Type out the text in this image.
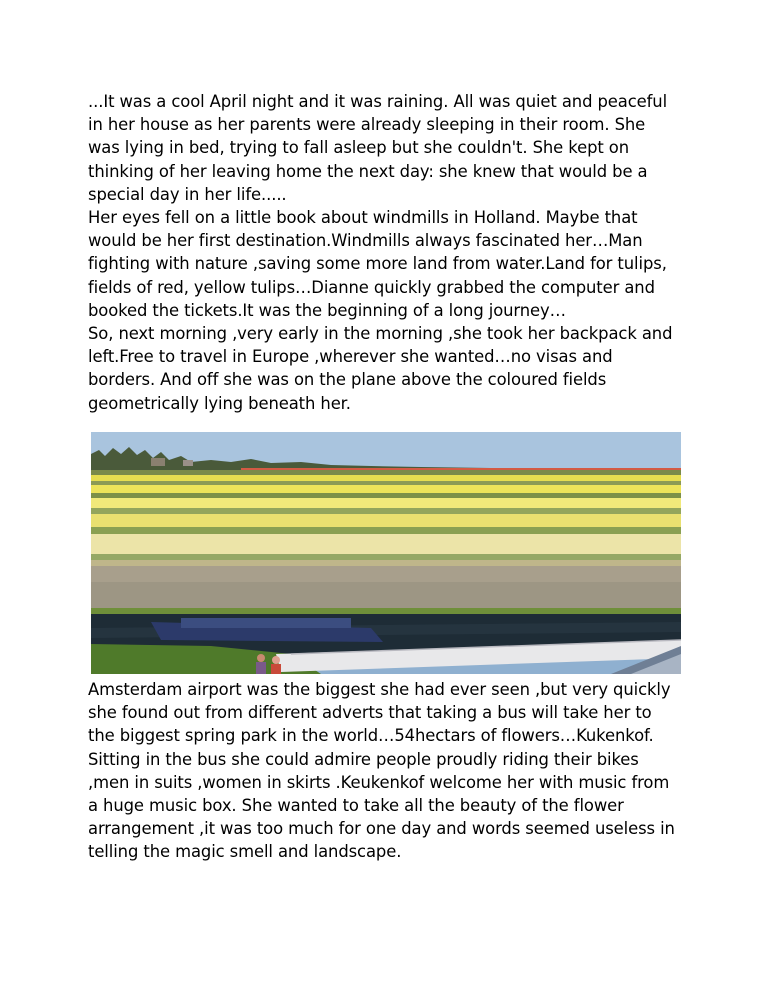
...It was a cool April night and it was raining. All was quiet and peaceful
in her house as her parents were already sleeping in their room. She
was lying in bed, trying to fall asleep but she couldn't. She kept on
thinking of her leaving home the next day: she knew that would be a
special day in her life.....
Her eyes fell on a little book about windmills in Holland. Maybe that
would be her first destination.Windmills always fascinated her…Man
fighting with nature ,saving some more land from water.Land for tulips,
fields of red, yellow tulips…Dianne quickly grabbed the computer and
booked the tickets.It was the beginning of a long journey…
So, next morning ,very early in the morning ,she took her backpack and
left.Free to travel in Europe ,wherever she wanted…no visas and
borders. And off she was on the plane above the coloured fields
geometrically lying beneath her.

Amsterdam airport was the biggest she had ever seen ,but very quickly
she found out from different adverts that taking a bus will take her to
the biggest spring park in the world…54hectars of flowers…Kukenkof.
Sitting in the bus she could admire people proudly riding their bikes
,men in suits ,women in skirts .Keukenkof welcome her with music from
a huge music box. She wanted to take all the beauty of the flower
arrangement ,it was too much for one day and words seemed useless in
telling the magic smell and landscape.
